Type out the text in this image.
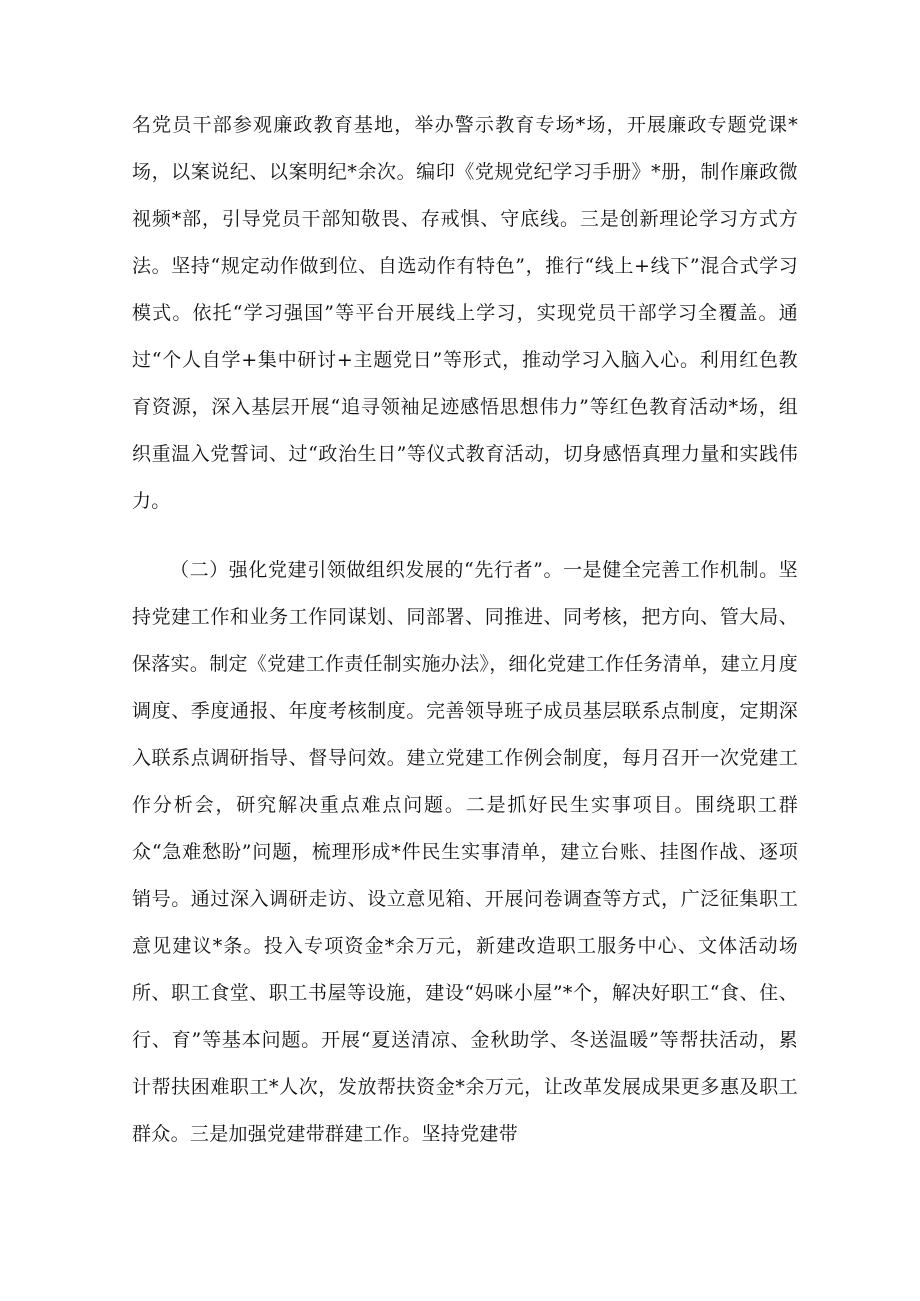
名党员干部参观廉政教育基地，举办警示教育专场*场，开展廉政专题党课*场，以案说纪、以案明纪*余次。编印《党规党纪学习手册》*册，制作廉政微视频*部，引导党员干部知敬畏、存戒惧、守底线。三是创新理论学习方式方法。坚持“规定动作做到位、自选动作有特色”，推行“线上+线下”混合式学习模式。依托“学习强国”等平台开展线上学习，实现党员干部学习全覆盖。通过“个人自学+集中研讨+主题党日”等形式，推动学习入脑入心。利用红色教育资源，深入基层开展“追寻领袖足迹感悟思想伟力”等红色教育活动*场，组织重温入党誓词、过“政治生日”等仪式教育活动，切身感悟真理力量和实践伟力。

（二）强化党建引领做组织发展的“先行者”。一是健全完善工作机制。坚持党建工作和业务工作同谋划、同部署、同推进、同考核，把方向、管大局、保落实。制定《党建工作责任制实施办法》，细化党建工作任务清单，建立月度调度、季度通报、年度考核制度。完善领导班子成员基层联系点制度，定期深入联系点调研指导、督导问效。建立党建工作例会制度，每月召开一次党建工作分析会，研究解决重点难点问题。二是抓好民生实事项目。围绕职工群众“急难愁盼”问题，梳理形成*件民生实事清单，建立台账、挂图作战、逐项销号。通过深入调研走访、设立意见箱、开展问卷调查等方式，广泛征集职工意见建议*条。投入专项资金*余万元，新建改造职工服务中心、文体活动场所、职工食堂、职工书屋等设施，建设“妈咪小屋”*个，解决好职工“食、住、行、育”等基本问题。开展“夏送清凉、金秋助学、冬送温暖”等帮扶活动，累计帮扶困难职工*人次，发放帮扶资金*余万元，让改革发展成果更多惠及职工群众。三是加强党建带群建工作。坚持党建带
